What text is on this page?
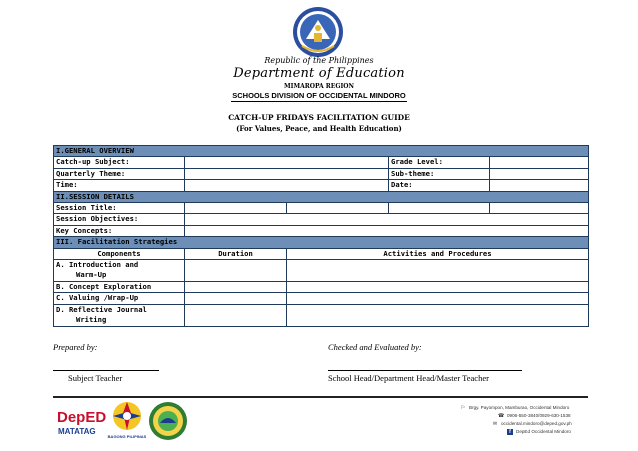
Republic of the Philippines
Department of Education
MIMAROPA REGION
SCHOOLS DIVISION OF OCCIDENTAL MINDORO
CATCH-UP FRIDAYS FACILITATION GUIDE
(For Values, Peace, and Health Education)
I.GENERAL OVERVIEW				
Catch-up Subject:			Grade Level:	
Quarterly Theme:			Sub-theme:	
Time:			Date:	
II.SESSION DETAILS				
Session Title:				
Session Objectives:				
Key Concepts:				
III. Facilitation Strategies				
Components	Duration	Activities and Procedures		
A. Introduction and
Warm-Up				

B. Concept Exploration				
C. Valuing /Wrap-Up				
D. Reflective Journal
Writing				

Prepared by:	Checked and Evaluated by:
Subject Teacher	School Head/Department Head/Master Teacher
DepED
MATATAG
BAGONG PILIPINAS
⚐ Brgy. Payompon, Mamburao, Occidental Mindoro
☎ 0906-550-3840/0929-630-1538
✉ occidental.mindoro@deped.gov.ph
f DepEd Occidental Mindoro
